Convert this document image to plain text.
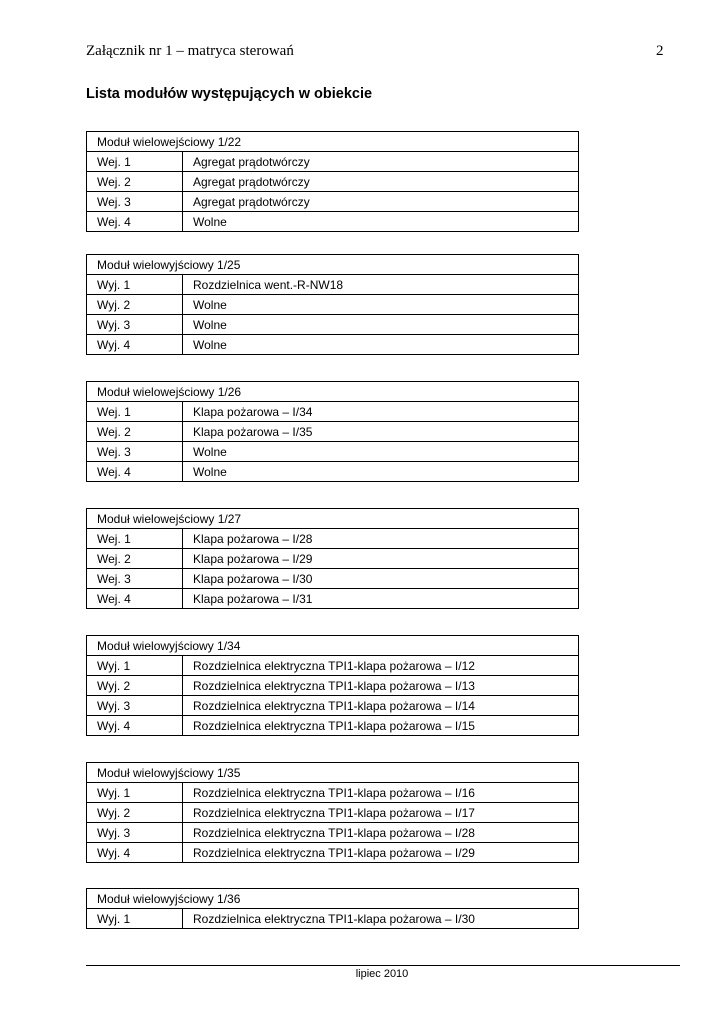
Załącznik nr 1 – matryca sterowań	2
Lista modułów występujących w obiekcie
Moduł wielowejściowy 1/22	
Wej. 1	Agregat prądotwórczy
Wej. 2	Agregat prądotwórczy
Wej. 3	Agregat prądotwórczy
Wej. 4	Wolne
Moduł wielowyjściowy 1/25	
Wyj. 1	Rozdzielnica went.-R-NW18
Wyj. 2	Wolne
Wyj. 3	Wolne
Wyj. 4	Wolne
Moduł wielowejściowy 1/26	
Wej. 1	Klapa pożarowa – I/34
Wej. 2	Klapa pożarowa – I/35
Wej. 3	Wolne
Wej. 4	Wolne
Moduł wielowejściowy 1/27	
Wej. 1	Klapa pożarowa – I/28
Wej. 2	Klapa pożarowa – I/29
Wej. 3	Klapa pożarowa – I/30
Wej. 4	Klapa pożarowa – I/31
Moduł wielowyjściowy 1/34	
Wyj. 1	Rozdzielnica elektryczna TPI1-klapa pożarowa – I/12
Wyj. 2	Rozdzielnica elektryczna TPI1-klapa pożarowa – I/13
Wyj. 3	Rozdzielnica elektryczna TPI1-klapa pożarowa – I/14
Wyj. 4	Rozdzielnica elektryczna TPI1-klapa pożarowa – I/15
Moduł wielowyjściowy 1/35	
Wyj. 1	Rozdzielnica elektryczna TPI1-klapa pożarowa – I/16
Wyj. 2	Rozdzielnica elektryczna TPI1-klapa pożarowa – I/17
Wyj. 3	Rozdzielnica elektryczna TPI1-klapa pożarowa – I/28
Wyj. 4	Rozdzielnica elektryczna TPI1-klapa pożarowa – I/29
Moduł wielowyjściowy 1/36
Wyj. 1	Rozdzielnica elektryczna TPI1-klapa pożarowa – I/30
lipiec 2010
